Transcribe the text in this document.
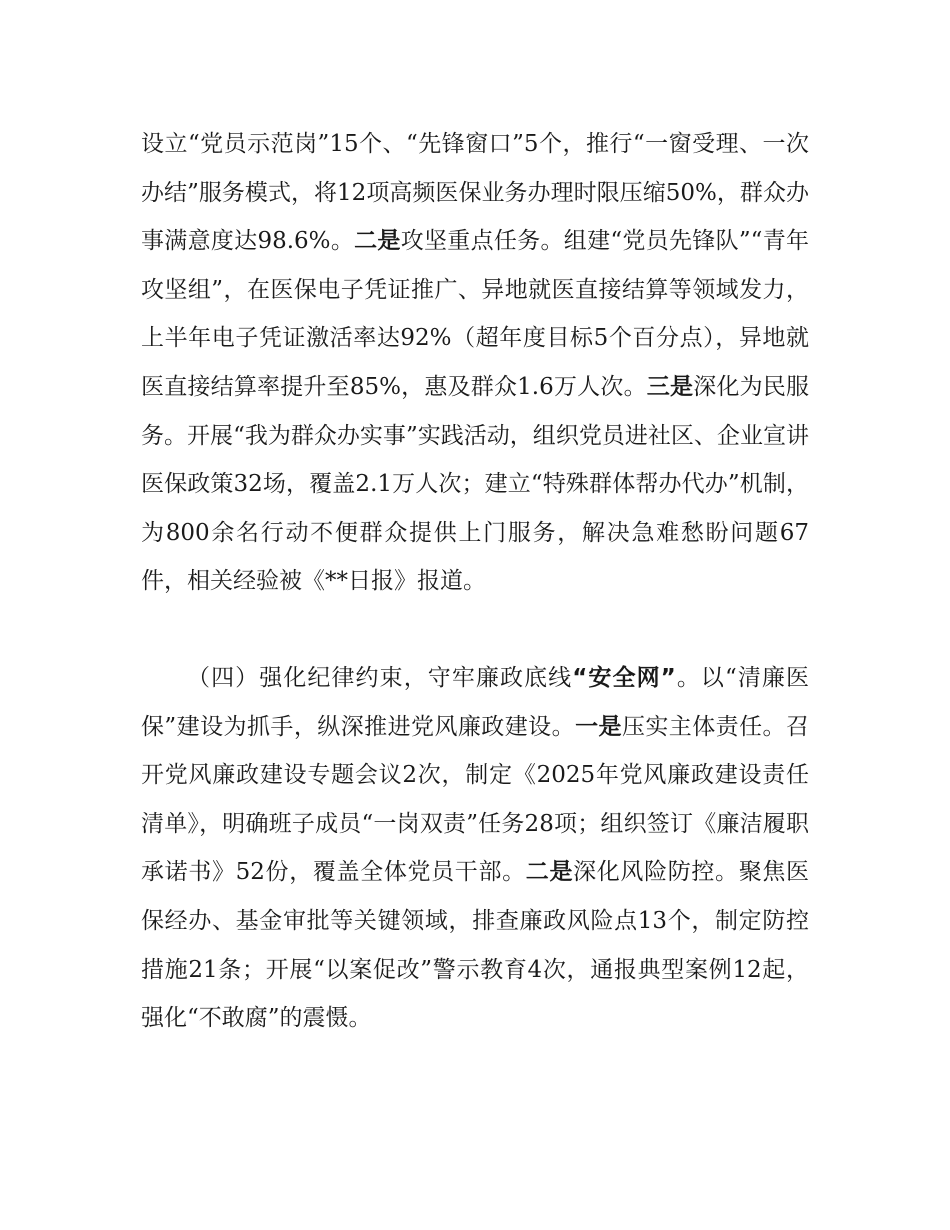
设立“党员示范岗”15个、“先锋窗口”5个，推行“一窗受理、一次办结”服务模式，将12项高频医保业务办理时限压缩50%，群众办事满意度达98.6%。二是攻坚重点任务。组建“党员先锋队”“青年攻坚组”，在医保电子凭证推广、异地就医直接结算等领域发力，上半年电子凭证激活率达92%（超年度目标5个百分点），异地就医直接结算率提升至85%，惠及群众1.6万人次。三是深化为民服务。开展“我为群众办实事”实践活动，组织党员进社区、企业宣讲医保政策32场，覆盖2.1万人次；建立“特殊群体帮办代办”机制，为800余名行动不便群众提供上门服务，解决急难愁盼问题67件，相关经验被《**日报》报道。

（四）强化纪律约束，守牢廉政底线“安全网”。以“清廉医保”建设为抓手，纵深推进党风廉政建设。一是压实主体责任。召开党风廉政建设专题会议2次，制定《2025年党风廉政建设责任清单》，明确班子成员“一岗双责”任务28项；组织签订《廉洁履职承诺书》52份，覆盖全体党员干部。二是深化风险防控。聚焦医保经办、基金审批等关键领域，排查廉政风险点13个，制定防控措施21条；开展“以案促改”警示教育4次，通报典型案例12起，强化“不敢腐”的震慑。
